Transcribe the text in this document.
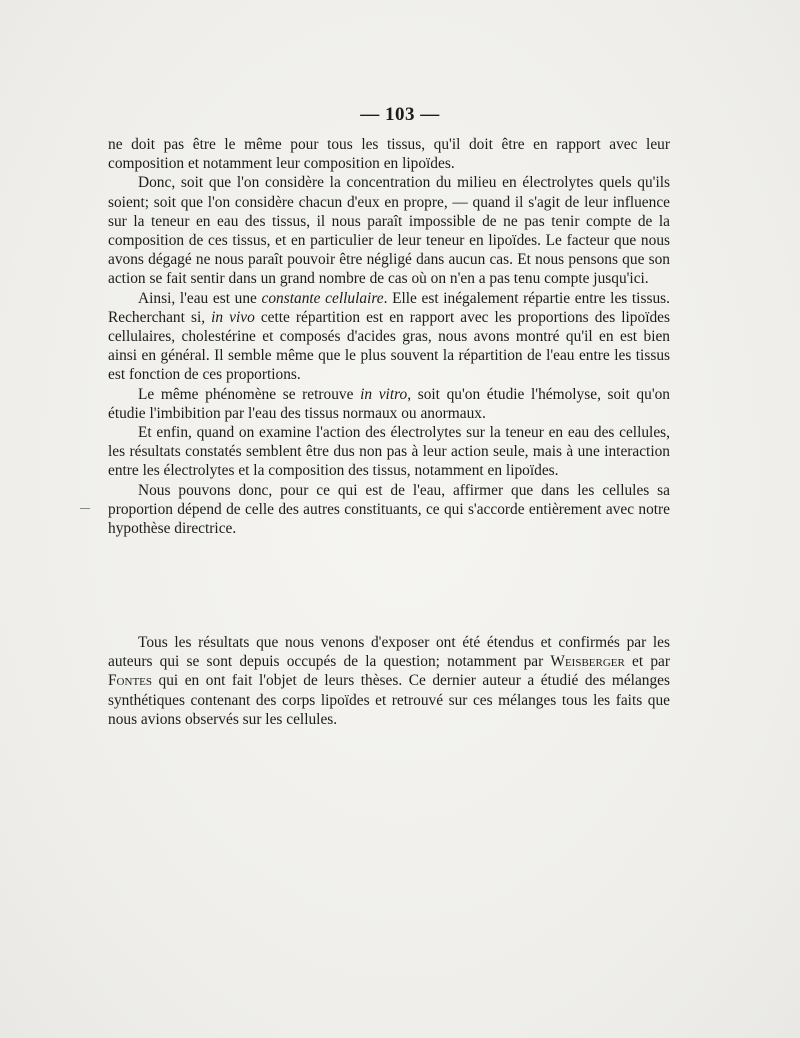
— 103 —

ne doit pas être le même pour tous les tissus, qu'il doit être en rapport avec leur composition et notamment leur composition en lipoïdes.

Donc, soit que l'on considère la concentration du milieu en électrolytes quels qu'ils soient; soit que l'on considère chacun d'eux en propre, — quand il s'agit de leur influence sur la teneur en eau des tissus, il nous paraît impossible de ne pas tenir compte de la composition de ces tissus, et en particulier de leur teneur en lipoïdes. Le facteur que nous avons dégagé ne nous paraît pouvoir être négligé dans aucun cas. Et nous pensons que son action se fait sentir dans un grand nombre de cas où on n'en a pas tenu compte jusqu'ici.

Ainsi, l'eau est une constante cellulaire. Elle est inégalement répartie entre les tissus. Recherchant si, in vivo cette répartition est en rapport avec les proportions des lipoïdes cellulaires, cholestérine et composés d'acides gras, nous avons montré qu'il en est bien ainsi en général. Il semble même que le plus souvent la répartition de l'eau entre les tissus est fonction de ces proportions.

Le même phénomène se retrouve in vitro, soit qu'on étudie l'hémolyse, soit qu'on étudie l'imbibition par l'eau des tissus normaux ou anormaux.

Et enfin, quand on examine l'action des électrolytes sur la teneur en eau des cellules, les résultats constatés semblent être dus non pas à leur action seule, mais à une interaction entre les électrolytes et la composition des tissus, notamment en lipoïdes.

Nous pouvons donc, pour ce qui est de l'eau, affirmer que dans les cellules sa proportion dépend de celle des autres constituants, ce qui s'accorde entièrement avec notre hypothèse directrice.

Tous les résultats que nous venons d'exposer ont été étendus et confirmés par les auteurs qui se sont depuis occupés de la question; notamment par Weisberger et par Fontes qui en ont fait l'objet de leurs thèses. Ce dernier auteur a étudié des mélanges synthétiques contenant des corps lipoïdes et retrouvé sur ces mélanges tous les faits que nous avions observés sur les cellules.
